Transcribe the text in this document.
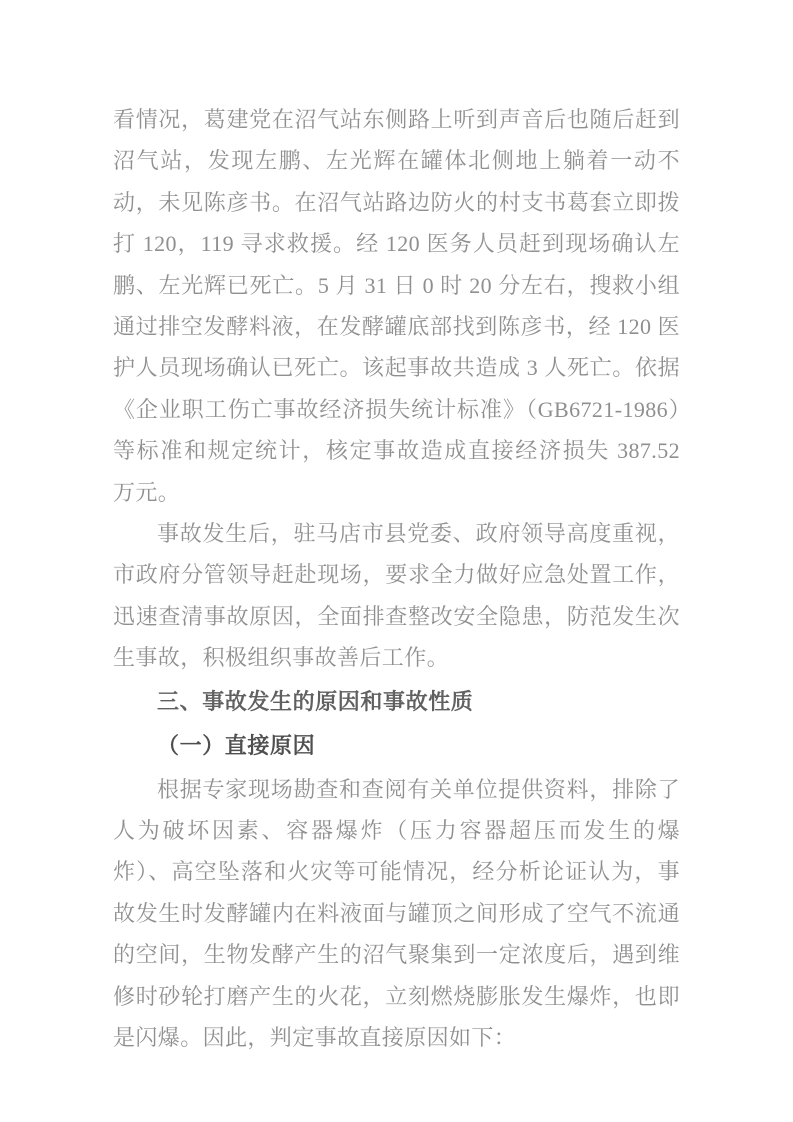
看情况，葛建党在沼气站东侧路上听到声音后也随后赶到沼气站，发现左鹏、左光辉在罐体北侧地上躺着一动不动，未见陈彦书。在沼气站路边防火的村支书葛套立即拨打 120，119 寻求救援。经 120 医务人员赶到现场确认左鹏、左光辉已死亡。5 月 31 日 0 时 20 分左右，搜救小组通过排空发酵料液，在发酵罐底部找到陈彦书，经 120 医护人员现场确认已死亡。该起事故共造成 3 人死亡。依据《企业职工伤亡事故经济损失统计标准》（GB6721-1986）等标准和规定统计，核定事故造成直接经济损失 387.52 万元。

事故发生后，驻马店市县党委、政府领导高度重视，市政府分管领导赶赴现场，要求全力做好应急处置工作，迅速查清事故原因，全面排查整改安全隐患，防范发生次生事故，积极组织事故善后工作。

三、事故发生的原因和事故性质

（一）直接原因

根据专家现场勘查和查阅有关单位提供资料，排除了人为破坏因素、容器爆炸（压力容器超压而发生的爆炸）、高空坠落和火灾等可能情况，经分析论证认为，事故发生时发酵罐内在料液面与罐顶之间形成了空气不流通的空间，生物发酵产生的沼气聚集到一定浓度后，遇到维修时砂轮打磨产生的火花，立刻燃烧膨胀发生爆炸，也即是闪爆。因此，判定事故直接原因如下：
